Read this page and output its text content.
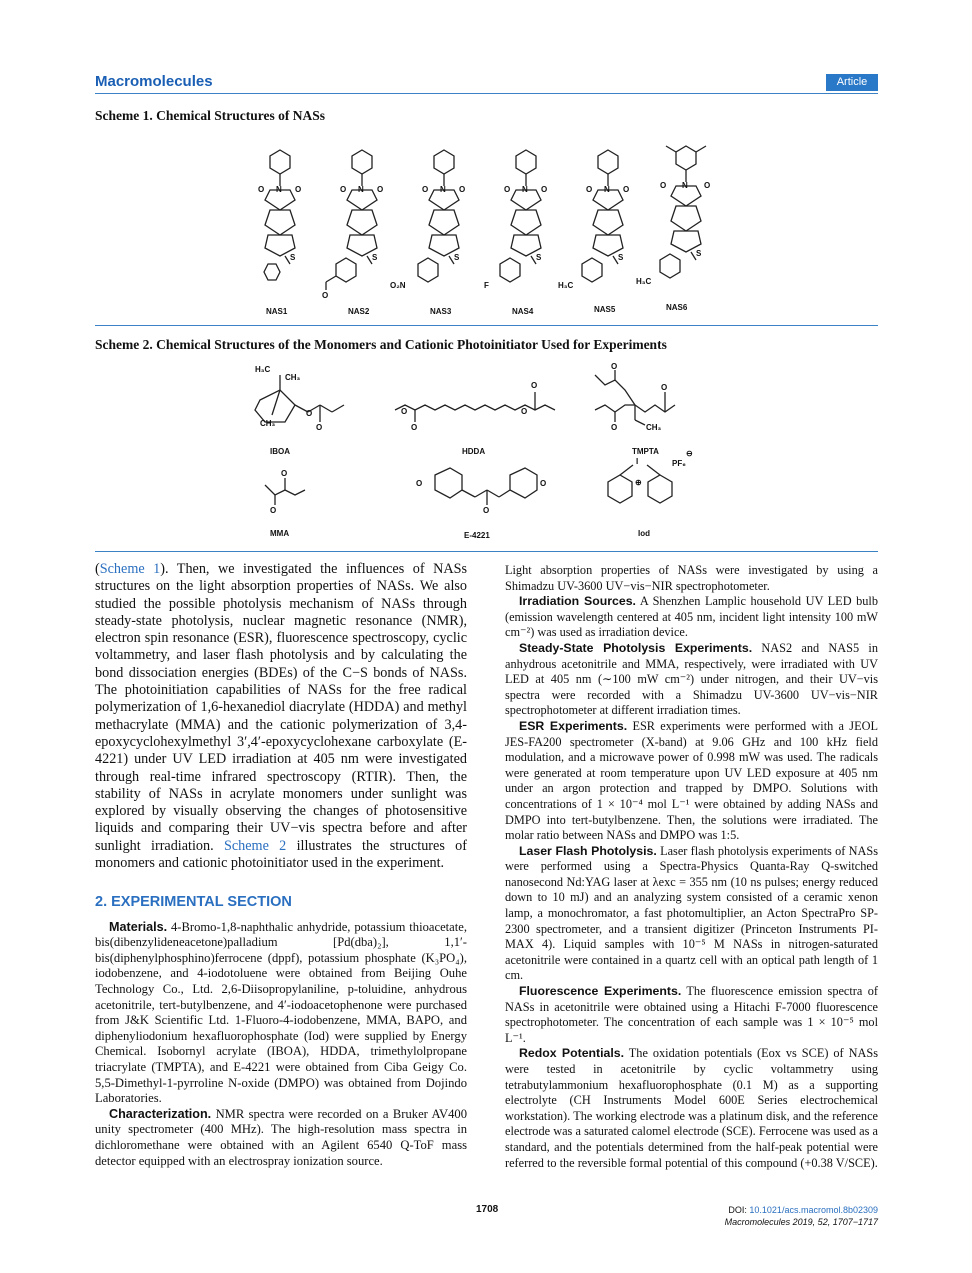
Macromolecules	Article
Scheme 1. Chemical Structures of NASs
N
O	O
S
N
O	O
S
O
N
O	O
S
O₂N
N
O	O
S
F
N
O	O
S
H₃C
N
O	O
S
H₃C
NAS1	NAS2	NAS3	NAS4	NAS5	NAS6
Scheme 2. Chemical Structures of the Monomers and Cationic Photoinitiator Used for Experiments
H₃C
CH₃
CH₃
O
O
O
O
O
O
O
O
O
CH₃
O
O
O	O
O
I
⊕
PF₆
⊖
IBOA	HDDA	TMPTA
MMA	E-4221	Iod

(Scheme 1). Then, we investigated the influences of NASs structures on the light absorption properties of NASs. We also studied the possible photolysis mechanism of NASs through steady-state photolysis, nuclear magnetic resonance (NMR), electron spin resonance (ESR), fluorescence spectroscopy, cyclic voltammetry, and laser flash photolysis and by calculating the bond dissociation energies (BDEs) of the C−S bonds of NASs. The photoinitiation capabilities of NASs for the free radical polymerization of 1,6-hexanediol diacrylate (HDDA) and methyl methacrylate (MMA) and the cationic polymerization of 3,4-epoxycyclohexylmethyl 3′,4′-epoxycyclohexane carboxylate (E-4221) under UV LED irradiation at 405 nm were investigated through real-time infrared spectroscopy (RTIR). Then, the stability of NASs in acrylate monomers under sunlight was explored by visually observing the changes of photosensitive liquids and comparing their UV−vis spectra before and after sunlight irradiation. Scheme 2 illustrates the structures of monomers and cationic photoinitiator used in the experiment.

2. EXPERIMENTAL SECTION

Materials. 4-Bromo-1,8-naphthalic anhydride, potassium thioacetate, bis(dibenzylideneacetone)palladium [Pd(dba)₂], 1,1′-bis(diphenylphosphino)ferrocene (dppf), potassium phosphate (K₃PO₄), iodobenzene, and 4-iodotoluene were obtained from Beijing Ouhe Technology Co., Ltd. 2,6-Diisopropylaniline, p-toluidine, anhydrous acetonitrile, tert-butylbenzene, and 4′-iodoacetophenone were purchased from J&K Scientific Ltd. 1-Fluoro-4-iodobenzene, MMA, BAPO, and diphenyliodonium hexafluorophosphate (Iod) were supplied by Energy Chemical. Isobornyl acrylate (IBOA), HDDA, trimethylolpropane triacrylate (TMPTA), and E-4221 were obtained from Ciba Geigy Co. 5,5-Dimethyl-1-pyrroline N-oxide (DMPO) was obtained from Dojindo Laboratories.

Characterization. NMR spectra were recorded on a Bruker AV400 unity spectrometer (400 MHz). The high-resolution mass spectra in dichloromethane were obtained with an Agilent 6540 Q-ToF mass detector equipped with an electrospray ionization source.

Light absorption properties of NASs were investigated by using a Shimadzu UV-3600 UV−vis−NIR spectrophotometer.

Irradiation Sources. A Shenzhen Lamplic household UV LED bulb (emission wavelength centered at 405 nm, incident light intensity 100 mW cm⁻²) was used as irradiation device.

Steady-State Photolysis Experiments. NAS2 and NAS5 in anhydrous acetonitrile and MMA, respectively, were irradiated with UV LED at 405 nm (∼100 mW cm⁻²) under nitrogen, and their UV−vis spectra were recorded with a Shimadzu UV-3600 UV−vis−NIR spectrophotometer at different irradiation times.

ESR Experiments. ESR experiments were performed with a JEOL JES-FA200 spectrometer (X-band) at 9.06 GHz and 100 kHz field modulation, and a microwave power of 0.998 mW was used. The radicals were generated at room temperature upon UV LED exposure at 405 nm under an argon protection and trapped by DMPO. Solutions with concentrations of 1 × 10⁻⁴ mol L⁻¹ were obtained by adding NASs and DMPO into tert-butylbenzene. Then, the solutions were irradiated. The molar ratio between NASs and DMPO was 1:5.

Laser Flash Photolysis. Laser flash photolysis experiments of NASs were performed using a Spectra-Physics Quanta-Ray Q-switched nanosecond Nd:YAG laser at λexc = 355 nm (10 ns pulses; energy reduced down to 10 mJ) and an analyzing system consisted of a ceramic xenon lamp, a monochromator, a fast photomultiplier, an Acton SpectraPro SP-2300 spectrometer, and a transient digitizer (Princeton Instruments PI-MAX 4). Liquid samples with 10⁻⁵ M NASs in nitrogen-saturated acetonitrile were contained in a quartz cell with an optical path length of 1 cm.

Fluorescence Experiments. The fluorescence emission spectra of NASs in acetonitrile were obtained using a Hitachi F-7000 fluorescence spectrophotometer. The concentration of each sample was 1 × 10⁻⁵ mol L⁻¹.

Redox Potentials. The oxidation potentials (Eox vs SCE) of NASs were tested in acetonitrile by cyclic voltammetry using tetrabutylammonium hexafluorophosphate (0.1 M) as a supporting electrolyte (CH Instruments Model 600E Series electrochemical workstation). The working electrode was a platinum disk, and the reference electrode was a saturated calomel electrode (SCE). Ferrocene was used as a standard, and the potentials determined from the half-peak potential were referred to the reversible formal potential of this compound (+0.38 V/SCE).

1708	DOI: 10.1021/acs.macromol.8b02309
Macromolecules 2019, 52, 1707−1717
